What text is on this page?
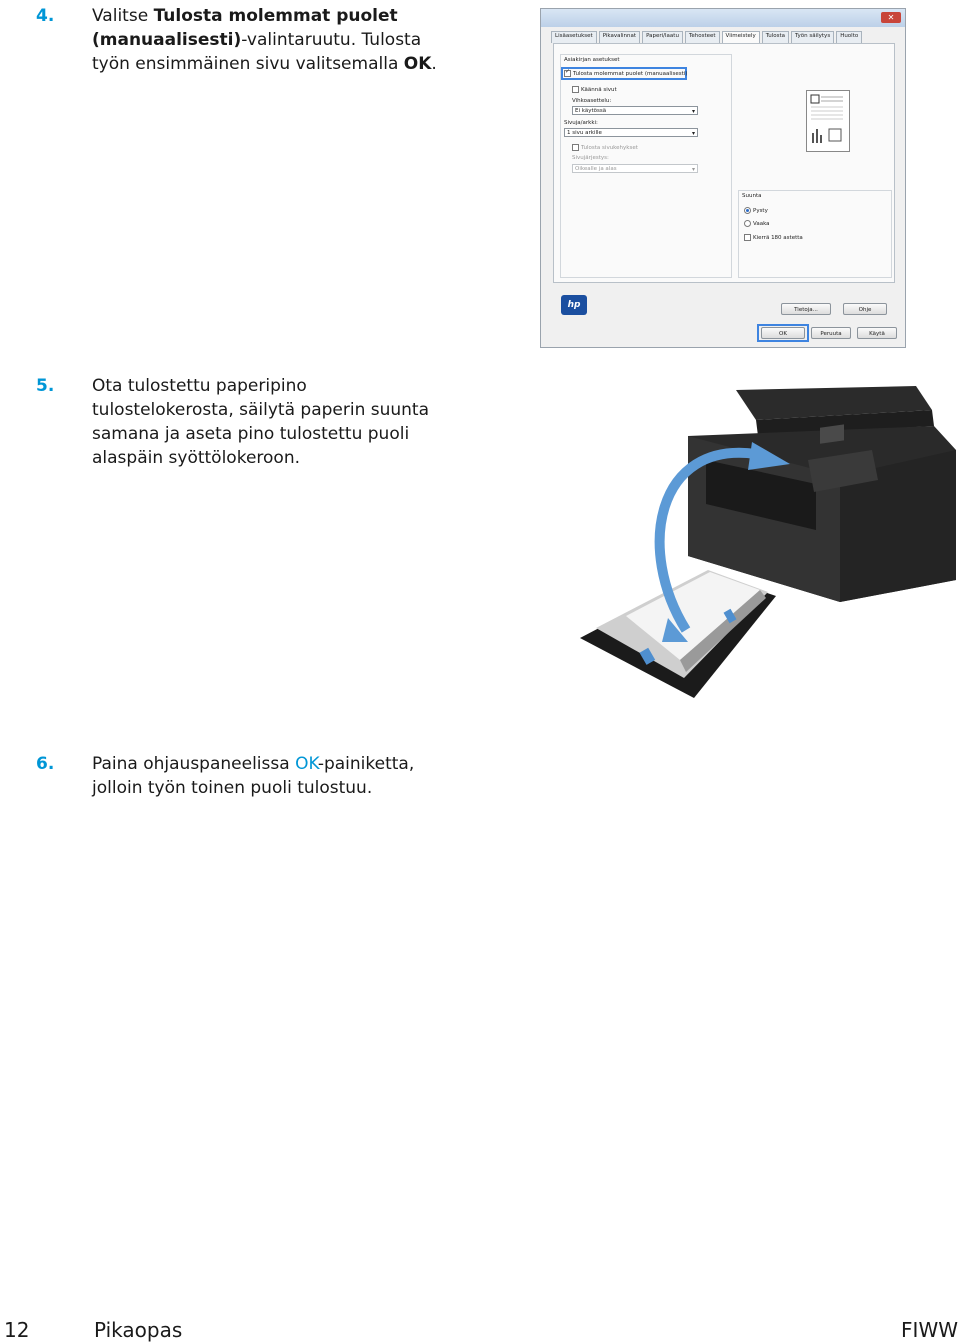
4. Valitse Tulosta molemmat puolet (manuaalisesti)-valintaruutu. Tulosta työn ensimmäinen sivu valitsemalla OK.
✕
Lisäasetukset	Pikavalinnat	Paperi/laatu	Tehosteet	Viimeistely	Tulosta	Työn säilytys	Huolto
Asiakirjan asetukset
✓
Tulosta molemmat puolet (manuaalisesti)
Käännä sivut
Vihkoasettelu:
Ei käytössä ▾
Sivuja/arkki:
1 sivu arkille ▾
Tulosta sivukehykset
Sivujärjestys:
Oikealle ja alas ▾
Suunta
Pysty
Vaaka
Kierrä 180 astetta
hp	Tietoja...	Ohje
OK	Peruuta	Käytä
5. Ota tulostettu paperipino tulostelokerosta, säilytä paperin suunta samana ja aseta pino tulostettu puoli alaspäin syöttölokeroon.
6. Paina ohjauspaneelissa OK-painiketta, jolloin työn toinen puoli tulostuu.
12	Pikaopas	FIWW
